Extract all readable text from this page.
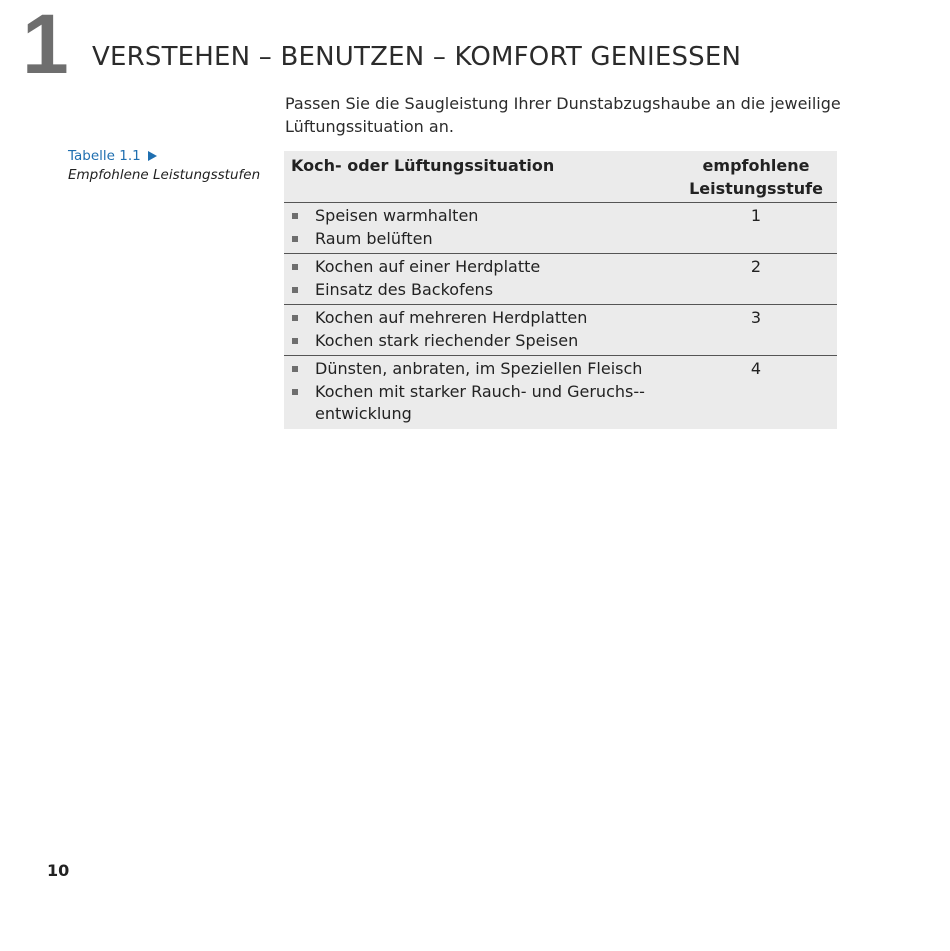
1 VERSTEHEN – BENUTZEN – KOMFORT GENIESSEN

Passen Sie die Saugleistung Ihrer Dunstabzugshaube an die jeweilige Lüftungssituation an.

Tabelle 1.1
Empfohlene Leistungsstufen	Koch- oder Lüftungssituation	empfohlene
Leistungsstufe
Speisen warmhalten
Raum belüften
1
Kochen auf einer Herdplatte
Einsatz des Backofens
2
Kochen auf mehreren Herdplatten
Kochen stark riechender Speisen
3
Dünsten, anbraten, im Speziellen Fleisch
Kochen mit starker Rauch- und Geruchs-entwicklung
4
10
